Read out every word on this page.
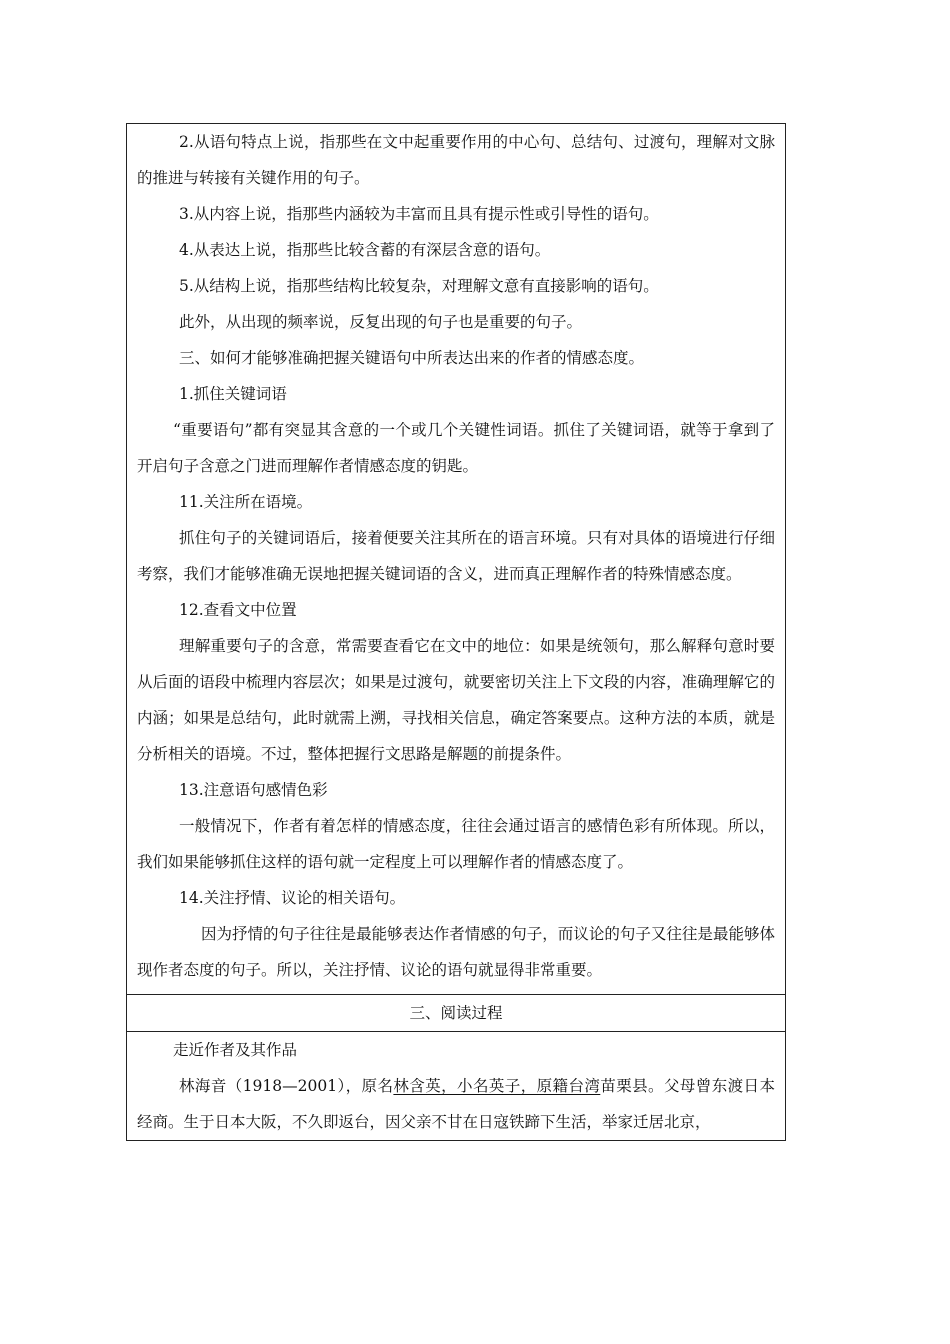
2.从语句特点上说，指那些在文中起重要作用的中心句、总结句、过渡句，理解对文脉的推进与转接有关键作用的句子。

3.从内容上说，指那些内涵较为丰富而且具有提示性或引导性的语句。

4.从表达上说，指那些比较含蓄的有深层含意的语句。

5.从结构上说，指那些结构比较复杂，对理解文意有直接影响的语句。

此外，从出现的频率说，反复出现的句子也是重要的句子。

三、如何才能够准确把握关键语句中所表达出来的作者的情感态度。

1.抓住关键词语

“重要语句”都有突显其含意的一个或几个关键性词语。抓住了关键词语，就等于拿到了开启句子含意之门进而理解作者情感态度的钥匙。

11.关注所在语境。

抓住句子的关键词语后，接着便要关注其所在的语言环境。只有对具体的语境进行仔细考察，我们才能够准确无误地把握关键词语的含义，进而真正理解作者的特殊情感态度。

12.查看文中位置

理解重要句子的含意，常需要查看它在文中的地位：如果是统领句，那么解释句意时要从后面的语段中梳理内容层次；如果是过渡句，就要密切关注上下文段的内容，准确理解它的内涵；如果是总结句，此时就需上溯，寻找相关信息，确定答案要点。这种方法的本质，就是分析相关的语境。不过，整体把握行文思路是解题的前提条件。

13.注意语句感情色彩

一般情况下，作者有着怎样的情感态度，往往会通过语言的感情色彩有所体现。所以，我们如果能够抓住这样的语句就一定程度上可以理解作者的情感态度了。

14.关注抒情、议论的相关语句。

因为抒情的句子往往是最能够表达作者情感的句子，而议论的句子又往往是最能够体现作者态度的句子。所以，关注抒情、议论的语句就显得非常重要。

三、阅读过程

走近作者及其作品

林海音（1918—2001），原名林含英，小名英子，原籍台湾苗栗县。父母曾东渡日本经商。生于日本大阪，不久即返台，因父亲不甘在日寇铁蹄下生活，举家迁居北京，
